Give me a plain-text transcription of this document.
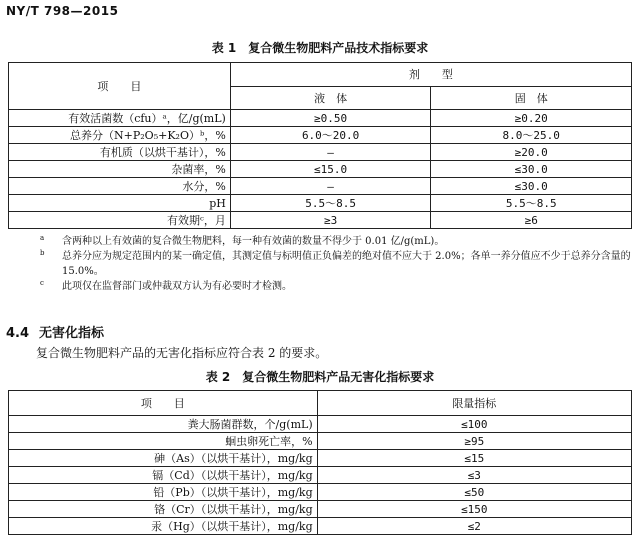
NY/T 798—2015
表 1　复合微生物肥料产品技术指标要求
项　　目	剂　　型	
	液　体	固　体
有效活菌数（cfu）ᵃ，亿/g(mL)	≥0.50	≥0.20
总养分（N+P₂O₅+K₂O）ᵇ，%	6.0～20.0	8.0～25.0
有机质（以烘干基计），%	—	≥20.0
杂菌率，%	≤15.0	≤30.0
水分，%	—	≤30.0
pH	5.5～8.5	5.5～8.5
有效期ᶜ，月	≥3	≥6
a 含两种以上有效菌的复合微生物肥料，每一种有效菌的数量不得少于 0.01 亿/g(mL)。
b 总养分应为规定范围内的某一确定值，其测定值与标明值正负偏差的绝对值不应大于 2.0%；各单一养分值应不少于总养分含量的 15.0%。
c 此项仅在监督部门或仲裁双方认为有必要时才检测。
4.4 无害化指标
复合微生物肥料产品的无害化指标应符合表 2 的要求。
表 2　复合微生物肥料产品无害化指标要求
项　　目	限量指标
粪大肠菌群数，个/g(mL)	≤100
蛔虫卵死亡率，%	≥95
砷（As）（以烘干基计），mg/kg	≤15
镉（Cd）（以烘干基计），mg/kg	≤3
铅（Pb）（以烘干基计），mg/kg	≤50
铬（Cr）（以烘干基计），mg/kg	≤150
汞（Hg）（以烘干基计），mg/kg	≤2
